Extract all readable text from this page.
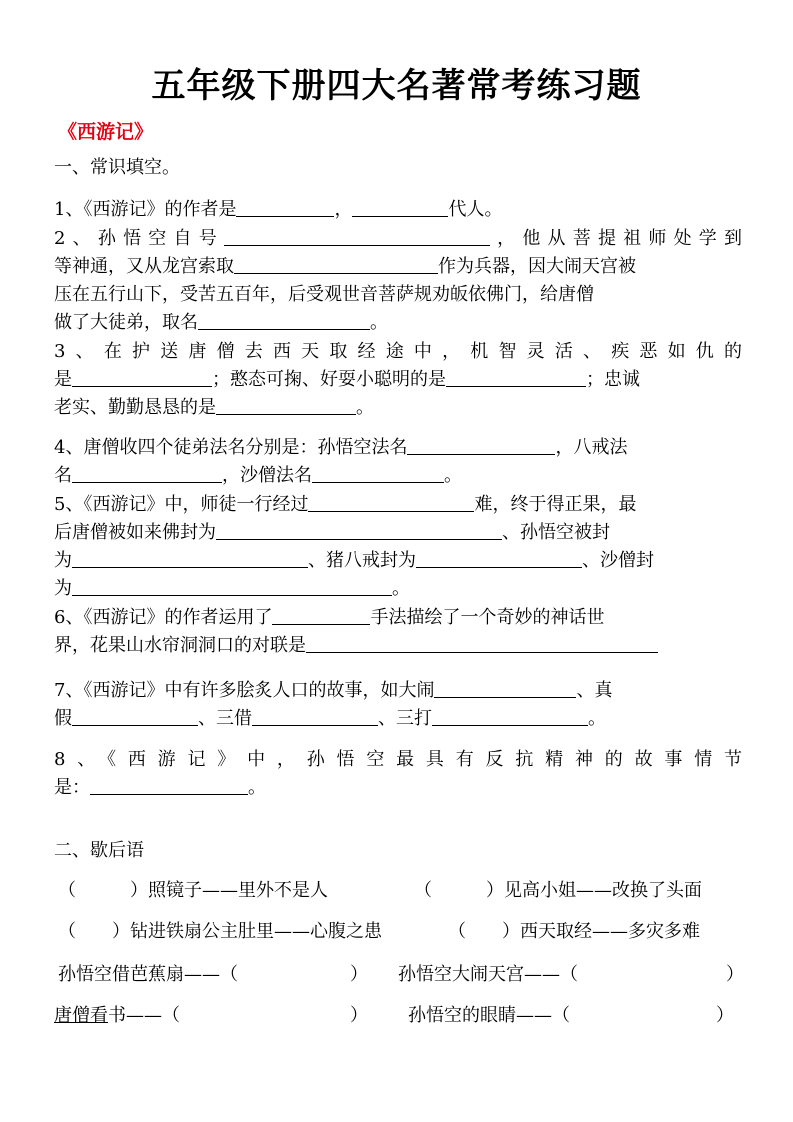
五年级下册四大名著常考练习题
《西游记》
一、常识填空。
1、《西游记》的作者是	，	代人。
2、孙悟空自号	，他从菩提祖师处学到
等神通，又从龙宫索取	作为兵器，因大闹天宫被
压在五行山下，受苦五百年，后受观世音菩萨规劝皈依佛门，给唐僧
做了大徒弟，取名	。
3、在护送唐僧去西天取经途中，机智灵活、疾恶如仇的
是	；憨态可掬、好耍小聪明的是	；忠诚
老实、勤勤恳恳的是	。
4、唐僧收四个徒弟法名分别是：孙悟空法名	，八戒法
名	，沙僧法名	。
5、《西游记》中，师徒一行经过	难，终于得正果，最
后唐僧被如来佛封为	、孙悟空被封
为	、猪八戒封为	、沙僧封
为	。
6、《西游记》的作者运用了	手法描绘了一个奇妙的神话世
界，花果山水帘洞洞口的对联是
7、《西游记》中有许多脍炙人口的故事，如大闹	、真
假	、三借	、三打	。
8、《西游记》中，孙悟空最具有反抗精神的故事情节
是：	。
二、歇后语
（　　　）照镜子——里外不是人	（　　　）见高小姐——改换了头面
（　　）钻进铁扇公主肚里——心腹之患	（　　）西天取经——多灾多难
孙悟空借芭蕉扇——（	） 孙悟空大闹天宫——（	）
唐僧看书——（	） 孙悟空的眼睛——（	）
